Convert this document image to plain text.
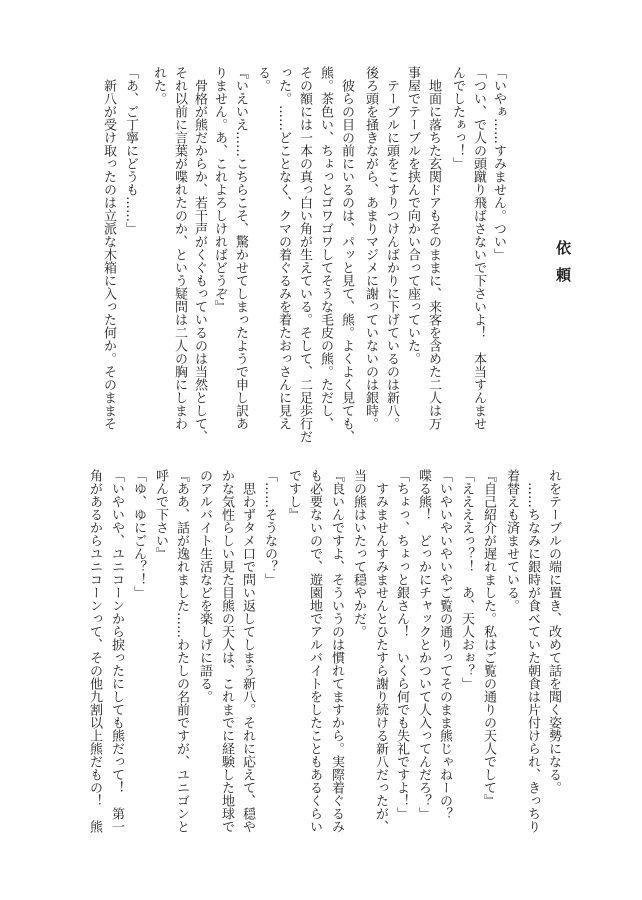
依頼
「いやぁ……すみません。つい」
「つい、で人の頭蹴り飛ばさないで下さいよ！　本当すんませ
んでしたぁっ！」
　地面に落ちた玄関ドアもそのままに、来客を含めた二人は万
事屋でテーブルを挟んで向かい合って座っていた。
　テーブルに頭をこすりつけんばかりに下げているのは新八。
後ろ頭を掻きながら、あまりマジメに謝っていないのは銀時。
　彼らの目の前にいるのは、パッと見て、熊。よくよく見ても、
熊。茶色い、ちょっとゴワゴワしてそうな毛皮の熊。ただし、
その額には一本の真っ白い角が生えている。そして、二足歩行だ
った。……どことなく、クマの着ぐるみを着たおっさんに見え
る。
『いえいえ……こちらこそ、驚かせてしまったようで申し訳あ
りません。あ、これよろしければどうぞ』
　骨格が熊だからか、若干声がくぐもっているのは当然として、
それ以前に言葉が喋れたのか、という疑問は二人の胸にしまわ
れた。
「あ、ご丁寧にどうも……」
　新八が受け取ったのは立派な木箱に入った何か。そのままそ
れをテーブルの端に置き、改めて話を聞く姿勢になる。
　……ちなみに銀時が食べていた朝食は片付けられ、きっちり
着替えも済ませている。
『自己紹介が遅れました。私はご覧の通りの天人でして』
「ええええっ？！　あ、天人おぉ？」
「いやいやいやいやご覧の通りってそのまま熊じゃねーの？
喋る熊！　どっかにチャックとかついて人入ってんだろ？」
「ちょっ、ちょっと銀さん！　いくら何でも失礼ですよ！」
　すみませんすみませんとひたすら謝り続ける新八だったが、
当の熊はいたって穏やかだ。
『良いんですよ、そういうのは慣れてますから。実際着ぐるみ
も必要ないので、遊園地でアルバイトをしたこともあるくらい
ですし』
「……そうなの？」
　思わずタメ口で問い返してしまう新八。それに応えて、穏や
かな気性らしい見た目熊の天人は、これまでに経験した地球で
のアルバイト生活などを楽しげに語る。
『ああ、話が逸れました……わたしの名前ですが、ユニゴンと
呼んで下さい』
「ゆ、ゆにごん？！」
「いやいや、ユニコーンから捩ったにしても熊だって！　第一
角があるからユニコーンって、その他九割以上熊だもの！　熊
